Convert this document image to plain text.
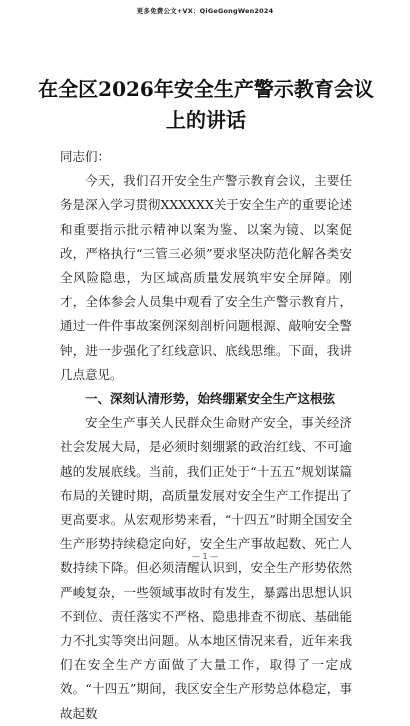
更多免费公文+VX：QiGeGongWen2024
在全区2026年安全生产警示教育会议上的讲话

同志们：

今天，我们召开安全生产警示教育会议，主要任务是深入学习贯彻XXXXXX关于安全生产的重要论述和重要指示批示精神以案为鉴、以案为镜、以案促改，严格执行“三管三必须”要求坚决防范化解各类安全风险隐患，为区域高质量发展筑牢安全屏障。刚才，全体参会人员集中观看了安全生产警示教育片，通过一件件事故案例深刻剖析问题根源、敲响安全警钟，进一步强化了红线意识、底线思维。下面，我讲几点意见。

一、深刻认清形势，始终绷紧安全生产这根弦

安全生产事关人民群众生命财产安全，事关经济社会发展大局，是必须时刻绷紧的政治红线、不可逾越的发展底线。当前，我们正处于“十五五”规划谋篇布局的关键时期，高质量发展对安全生产工作提出了更高要求。从宏观形势来看，“十四五”时期全国安全生产形势持续稳定向好，安全生产事故起数、死亡人数持续下降。但必须清醒认识到，安全生产形势依然严峻复杂，一些领域事故时有发生，暴露出思想认识不到位、责任落实不严格、隐患排查不彻底、基础能力不扎实等突出问题。从本地区情况来看，近年来我们在安全生产方面做了大量工作，取得了一定成效。“十四五”期间，我区安全生产形势总体稳定，事故起数

— 1 —
